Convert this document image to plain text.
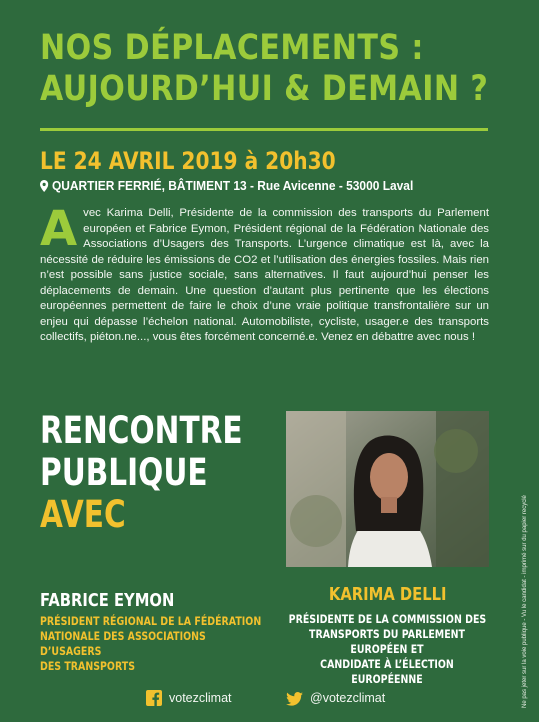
NOS DÉPLACEMENTS :
AUJOURD’HUI & DEMAIN ?
LE 24 AVRIL 2019 à 20h30
QUARTIER FERRIÉ, BÂTIMENT 13 - Rue Avicenne - 53000 Laval
Avec Karima Delli, Présidente de la commission des transports du Parlement européen et Fabrice Eymon, Président régional de la Fédération Nationale des Associations d’Usagers des Transports. L’urgence climatique est là, avec la nécessité de réduire les émissions de CO2 et l’utilisation des énergies fossiles. Mais rien n’est possible sans justice sociale, sans alternatives. Il faut aujourd’hui penser les déplacements de demain. Une question d’autant plus pertinente que les élections européennes permettent de faire le choix d’une vraie politique transfrontalière sur un enjeu qui dépasse l’échelon national. Automobiliste, cycliste, usager.e des transports collectifs, piéton.ne..., vous êtes forcément concerné.e. Venez en débattre avec nous !
RENCONTRE
PUBLIQUE
AVEC
FABRICE EYMON
PRÉSIDENT RÉGIONAL DE LA FÉDÉRATION
NATIONALE DES ASSOCIATIONS D’USAGERS
DES TRANSPORTS
KARIMA DELLI
PRÉSIDENTE DE LA COMMISSION DES
TRANSPORTS DU PARLEMENT EUROPÉEN ET
CANDIDATE À L’ÉLECTION EUROPÉENNE
votezclimat	@votezclimat	Ne pas jeter sur la voie publique - Vu le candidat - imprimé sur du papier recyclé
